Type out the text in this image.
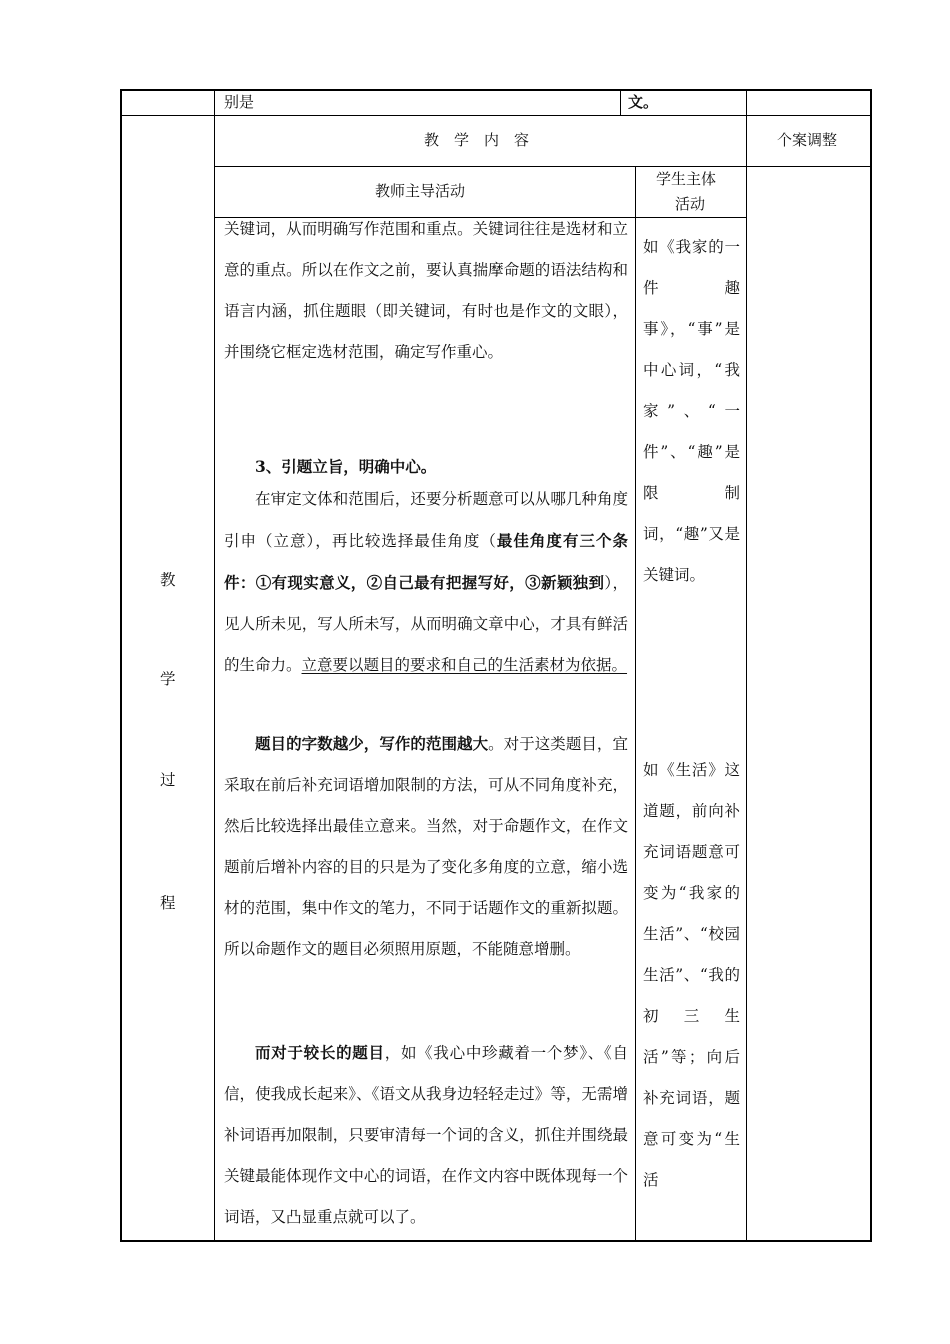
别是	文。
教　学　内　容	个案调整
教师主导活动
学生主体
活动
教
学
过
程

关键词，从而明确写作范围和重点。关键词往往是选材和立意的重点。所以在作文之前，要认真揣摩命题的语法结构和语言内涵，抓住题眼（即关键词，有时也是作文的文眼），并围绕它框定选材范围，确定写作重心。

3、引题立旨，明确中心。

在审定文体和范围后，还要分析题意可以从哪几种角度引申（立意），再比较选择最佳角度（最佳角度有三个条件：①有现实意义，②自己最有把握写好，③新颖独到），见人所未见，写人所未写，从而明确文章中心，才具有鲜活的生命力。立意要以题目的要求和自己的生活素材为依据。

题目的字数越少，写作的范围越大。对于这类题目，宜采取在前后补充词语增加限制的方法，可从不同角度补充，然后比较选择出最佳立意来。当然，对于命题作文，在作文题前后增补内容的目的只是为了变化多角度的立意，缩小选材的范围，集中作文的笔力，不同于话题作文的重新拟题。所以命题作文的题目必须照用原题，不能随意增删。

而对于较长的题目，如《我心中珍藏着一个梦》、《自信，使我成长起来》、《语文从我身边轻轻走过》等，无需增补词语再加限制，只要审清每一个词的含义，抓住并围绕最关键最能体现作文中心的词语，在作文内容中既体现每一个词语，又凸显重点就可以了。

如《我家的一件趣事》，“事”是中心词，“我家”、“一件”、“趣”是限制词，“趣”又是关键词。
如《生活》这道题，前向补充词语题意可变为“我家的生活”、“校园生活”、“我的初三生活”等；向后补充词语，题意可变为“生活
